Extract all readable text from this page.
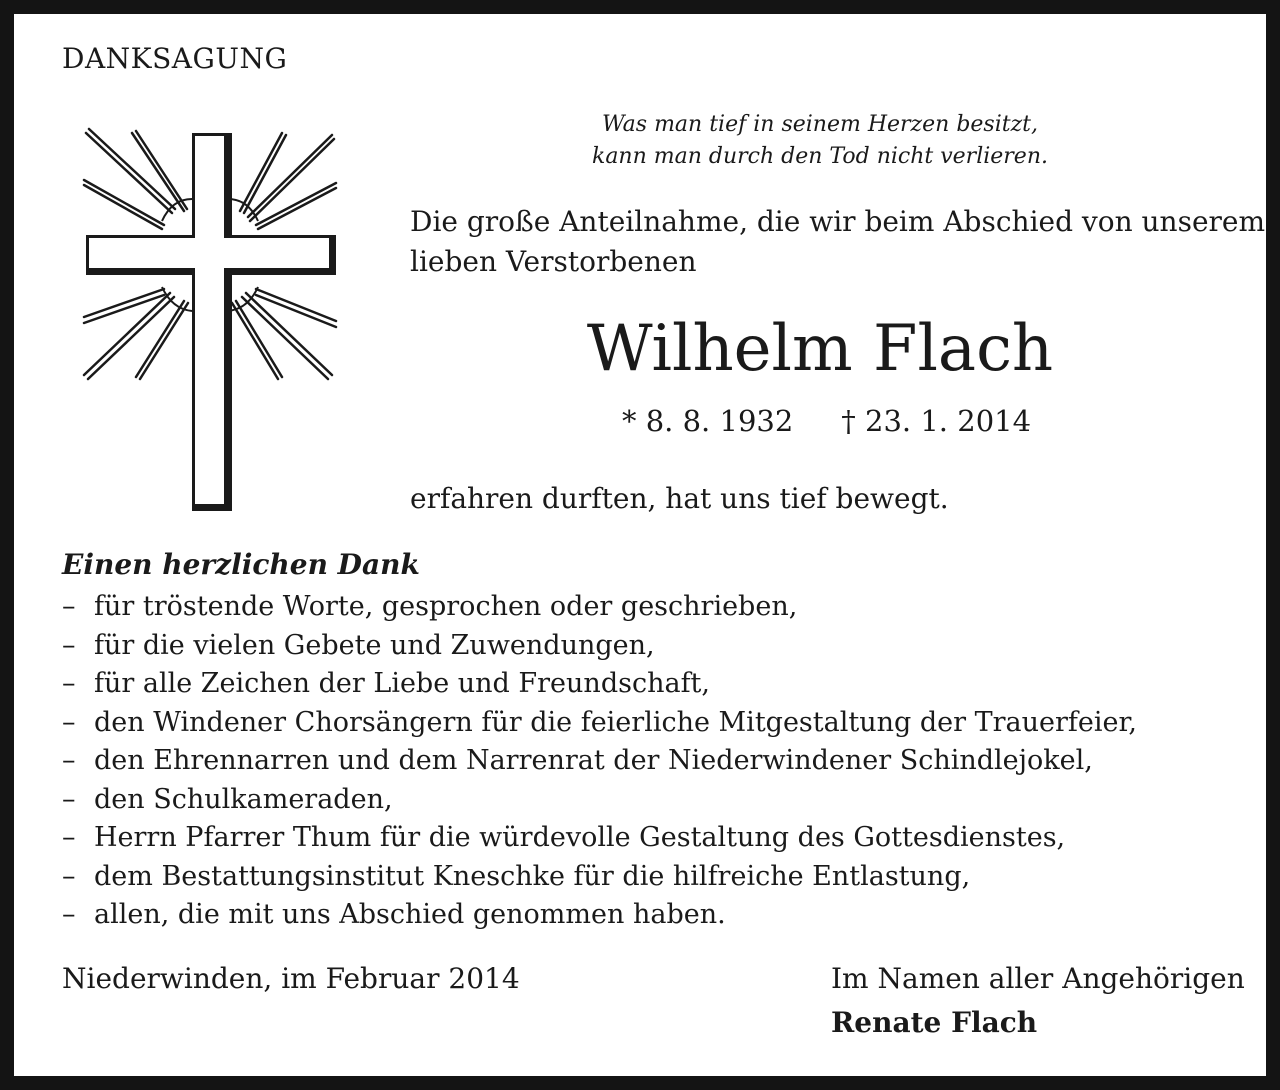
DANKSAGUNG
Was man tief in seinem Herzen besitzt,
kann man durch den Tod nicht verlieren.
Die große Anteilnahme, die wir beim Abschied von unserem
lieben Verstorbenen
Wilhelm Flach
* 8. 8. 1932 † 23. 1. 2014
erfahren durften, hat uns tief bewegt.
Einen herzlichen Dank
– für tröstende Worte, gesprochen oder geschrieben,
– für die vielen Gebete und Zuwendungen,
– für alle Zeichen der Liebe und Freundschaft,
– den Windener Chorsängern für die feierliche Mitgestaltung der Trauerfeier,
– den Ehrennarren und dem Narrenrat der Niederwindener Schindlejokel,
– den Schulkameraden,
– Herrn Pfarrer Thum für die würdevolle Gestaltung des Gottesdienstes,
– dem Bestattungsinstitut Kneschke für die hilfreiche Entlastung,
– allen, die mit uns Abschied genommen haben.
Niederwinden, im Februar 2014	Im Namen aller Angehörigen
Renate Flach
